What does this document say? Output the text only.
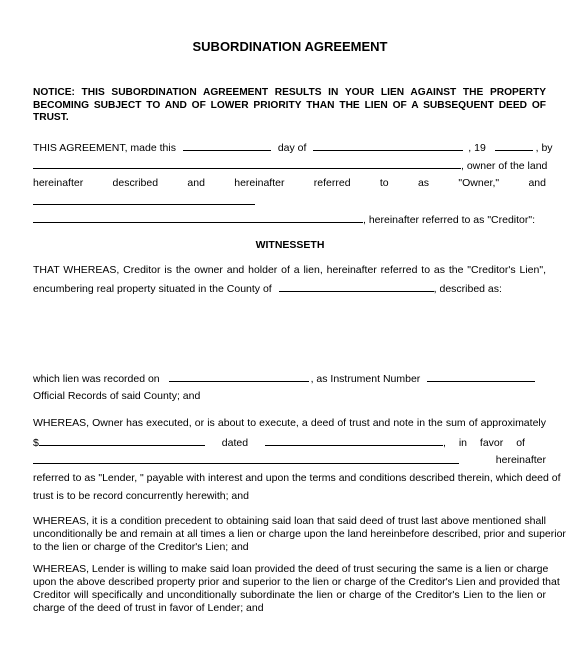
SUBORDINATION AGREEMENT
NOTICE: THIS SUBORDINATION AGREEMENT RESULTS IN YOUR LIEN AGAINST THE PROPERTY
BECOMING SUBJECT TO AND OF LOWER PRIORITY THAN THE LIEN OF A SUBSEQUENT DEED OF
TRUST.
THIS AGREEMENT, made this	day of	, 19	, by
, owner of the land
hereinafter	described	and	hereinafter	referred	to	as	"Owner,"	and
, hereinafter referred to as "Creditor":
WITNESSETH
THAT WHEREAS, Creditor is the owner and holder of a lien, hereinafter referred to as the "Creditor's Lien",
encumbering real property situated in the County of	, described as:
which lien was recorded on	, as Instrument Number
Official Records of said County; and
WHEREAS, Owner has executed, or is about to execute, a deed of trust and note in the sum of approximately
$	dated	, in favor of
hereinafter
referred to as "Lender, " payable with interest and upon the terms and conditions described therein, which deed of
trust is to be record concurrently herewith; and
WHEREAS, it is a condition precedent to obtaining said loan that said deed of trust last above mentioned shall
unconditionally be and remain at all times a lien or charge upon the land hereinbefore described, prior and superior
to the lien or charge of the Creditor's Lien; and
WHEREAS, Lender is willing to make said loan provided the deed of trust securing the same is a lien or charge
upon the above described property prior and superior to the lien or charge of the Creditor's Lien and provided that
Creditor will specifically and unconditionally subordinate the lien or charge of the Creditor's Lien to the lien or
charge of the deed of trust in favor of Lender; and
